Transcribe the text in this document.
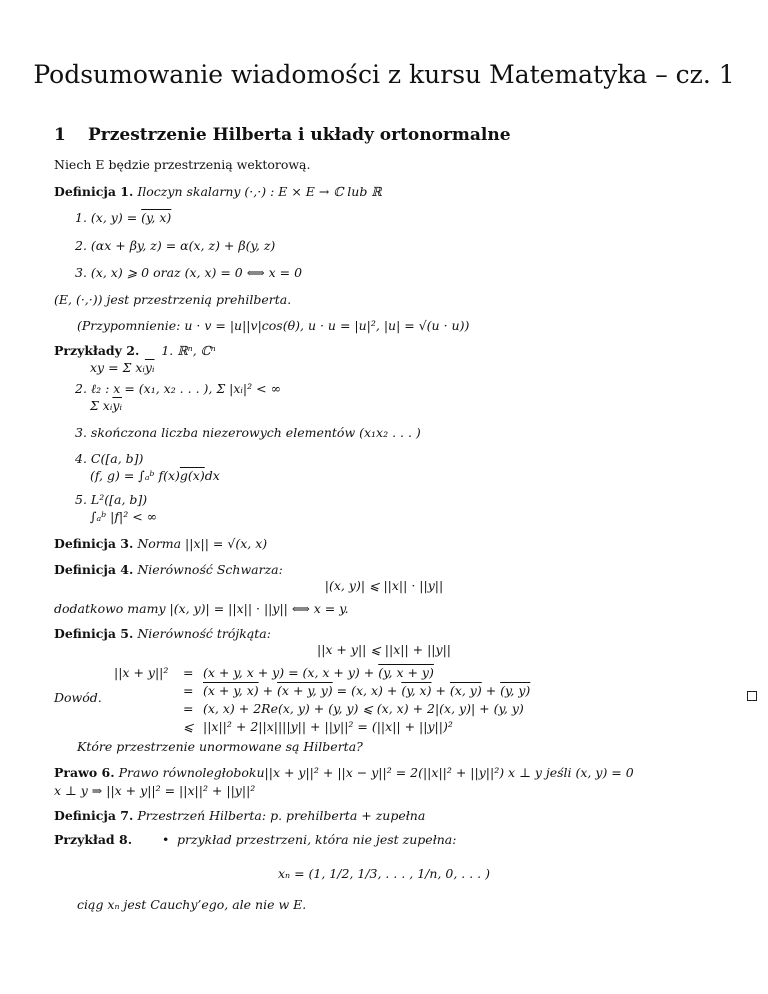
Podsumowanie wiadomości z kursu Matematyka – cz. 1
1 Przestrzenie Hilberta i układy ortonormalne
Niech E będzie przestrzenią wektorową.
Definicja 1. Iloczyn skalarny (·,·) : E × E → ℂ lub ℝ
1. (x, y) = (y, x)
2. (αx + βy, z) = α(x, z) + β(y, z)
3. (x, x) ⩾ 0 oraz (x, x) = 0 ⟺ x = 0
(E, (·,·)) jest przestrzenią prehilberta.
(Przypomnienie: u · v = |u||v|cos(θ), u · u = |u|², |u| = √(u · u))
Przykłady 2. 1. ℝⁿ, ℂⁿ
xy = Σ $xᵢ\overline{yᵢ}$
2. ℓ₂ : x = (x₁, x₂ . . . ), Σ |xᵢ|² < ∞
Σ $xᵢ\overline{yᵢ}$
3. skończona liczba niezerowych elementów (x₁x₂ . . . )
4. C([a, b])
(f, g) = ∫ₐᵇ f(x)g(x)dx
5. L²([a, b])
∫ₐᵇ |f|² < ∞
Definicja 3. Norma ||x|| = √(x, x)
Definicja 4. Nierówność Schwarza:
|(x, y)| ⩽ ||x|| · ||y||
dodatkowo mamy |(x, y)| = ||x|| · ||y|| ⟺ x = y.
Definicja 5. Nierówność trójkąta:
||x + y|| ⩽ ||x|| + ||y||
Dowód.
||x + y||² = (x + y, x + y) = (x, x + y) + (y, x + y)
= (x + y, x) + (x + y, y) = (x, x) + (y, x) + (x, y) + (y, y)
= (x, x) + 2Re(x, y) + (y, y) ⩽ (x, x) + 2|(x, y)| + (y, y)
⩽ ||x||² + 2||x||||y|| + ||y||² = (||x|| + ||y||)²
Które przestrzenie unormowane są Hilberta?
Prawo 6. Prawo równoległoboku||x + y||² + ||x − y||² = 2(||x||² + ||y||²) x ⊥ y jeśli (x, y) = 0
x ⊥ y ⇒ ||x + y||² = ||x||² + ||y||²
Definicja 7. Przestrzeń Hilberta: p. prehilberta + zupełna
Przykład 8. • przykład przestrzeni, która nie jest zupełna:
xₙ = (1, 1/2, 1/3, . . . , 1/n, 0, . . . )
ciąg xₙ jest Cauchy’ego, ale nie w E.
